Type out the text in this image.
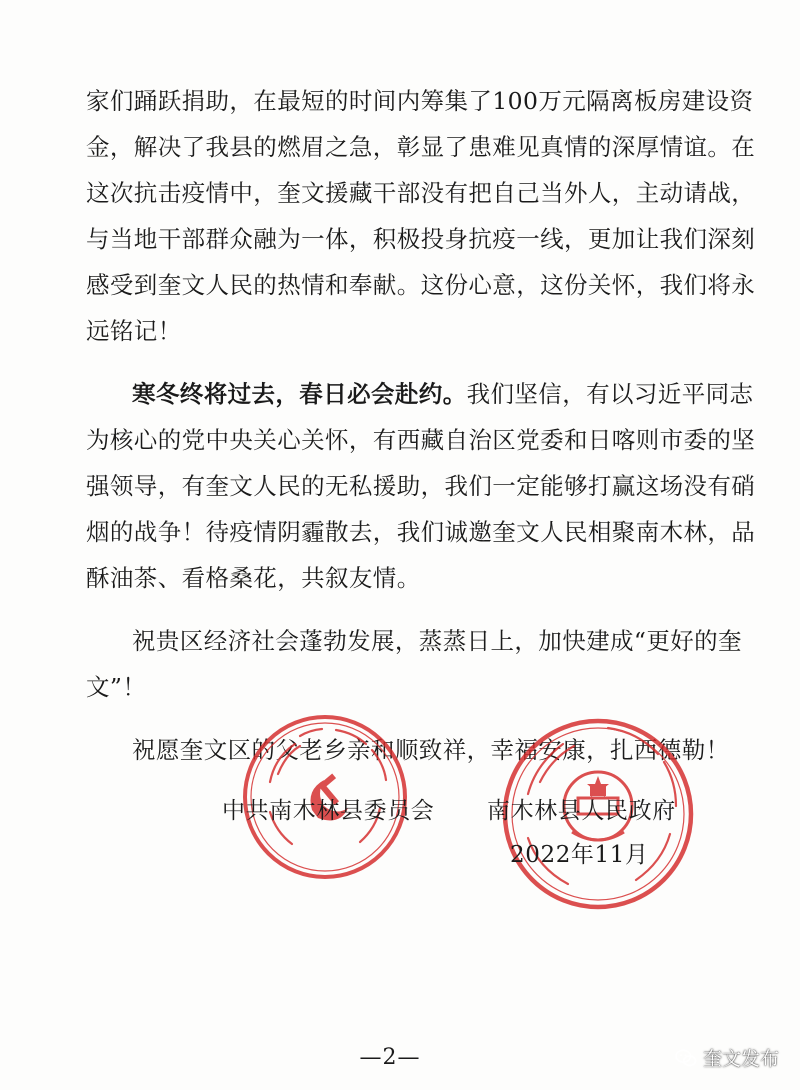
家们踊跃捐助，在最短的时间内筹集了100万元隔离板房建设资
金，解决了我县的燃眉之急，彰显了患难见真情的深厚情谊。在
这次抗击疫情中，奎文援藏干部没有把自己当外人，主动请战，
与当地干部群众融为一体，积极投身抗疫一线，更加让我们深刻
感受到奎文人民的热情和奉献。这份心意，这份关怀，我们将永
远铭记！
寒冬终将过去，春日必会赴约。我们坚信，有以习近平同志
为核心的党中央关心关怀，有西藏自治区党委和日喀则市委的坚
强领导，有奎文人民的无私援助，我们一定能够打赢这场没有硝
烟的战争！待疫情阴霾散去，我们诚邀奎文人民相聚南木林，品
酥油茶、看格桑花，共叙友情。
祝贵区经济社会蓬勃发展，蒸蒸日上，加快建成“更好的奎
文”！
祝愿奎文区的父老乡亲和顺致祥，幸福安康，扎西德勒！
中共南木林县委员会 南木林县人民政府
2022年11月
—2—	奎文发布
